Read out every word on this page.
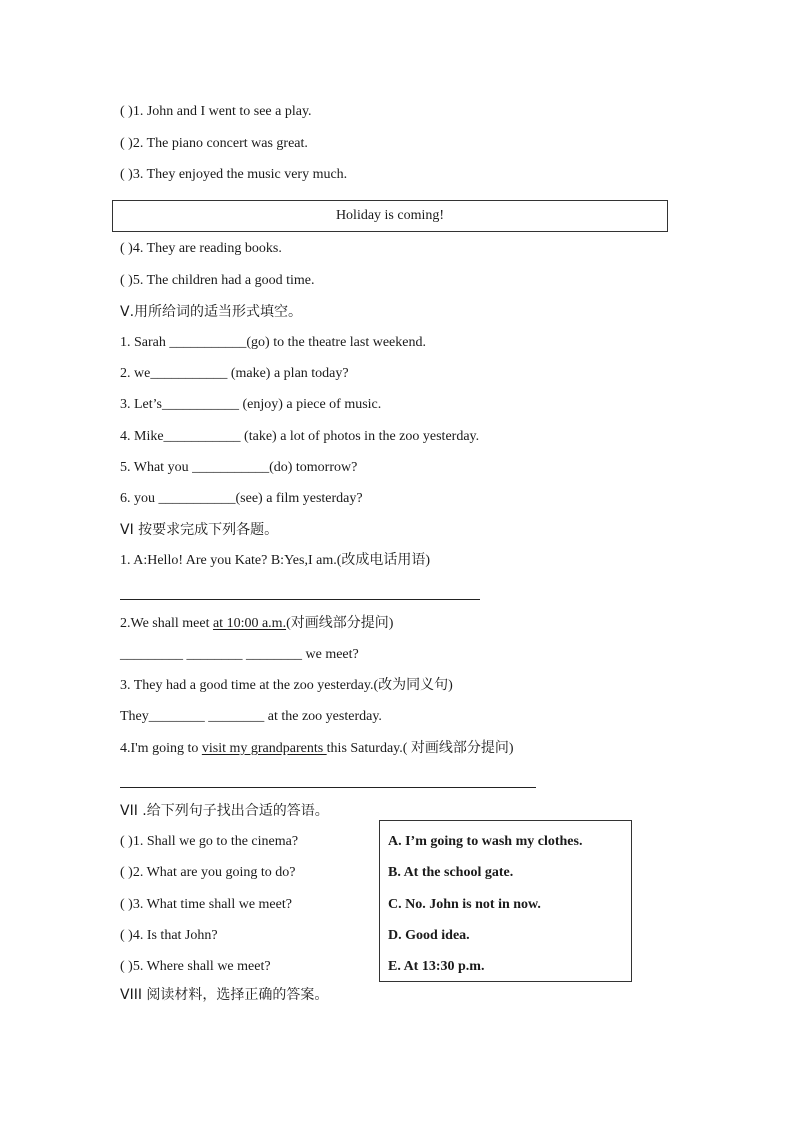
( )1. John and I went to see a play.
( )2. The piano concert was great.
( )3. They enjoyed the music very much.
Holiday is coming!
( )4. They are reading books.
( )5. The children had a good time.
Ⅴ.用所给词的适当形式填空。
1. Sarah ___________(go) to the theatre last weekend.
2. we___________ (make) a plan today?
3. Let’s___________ (enjoy) a piece of music.
4. Mike___________ (take) a lot of photos in the zoo yesterday.
5. What you ___________(do) tomorrow?
6. you ___________(see) a film yesterday?
VI 按要求完成下列各题。
1. A:Hello! Are you Kate? B:Yes,I am.(改成电话用语)
2.We shall meet at 10:00 a.m.(对画线部分提问)
_________ ________ ________ we meet?
3. They had a good time at the zoo yesterday.(改为同义句)
They________ ________ at the zoo yesterday.
4.I'm going to visit my grandparents this Saturday.( 对画线部分提问)
VII .给下列句子找出合适的答语。
( )1. Shall we go to the cinema?
( )2. What are you going to do?
( )3. What time shall we meet?
( )4. Is that John?
( )5. Where shall we meet?
A. I’m going to wash my clothes.
B. At the school gate.
C. No. John is not in now.
D. Good idea.
E. At 13:30 p.m.
VIII 阅读材料，选择正确的答案。
